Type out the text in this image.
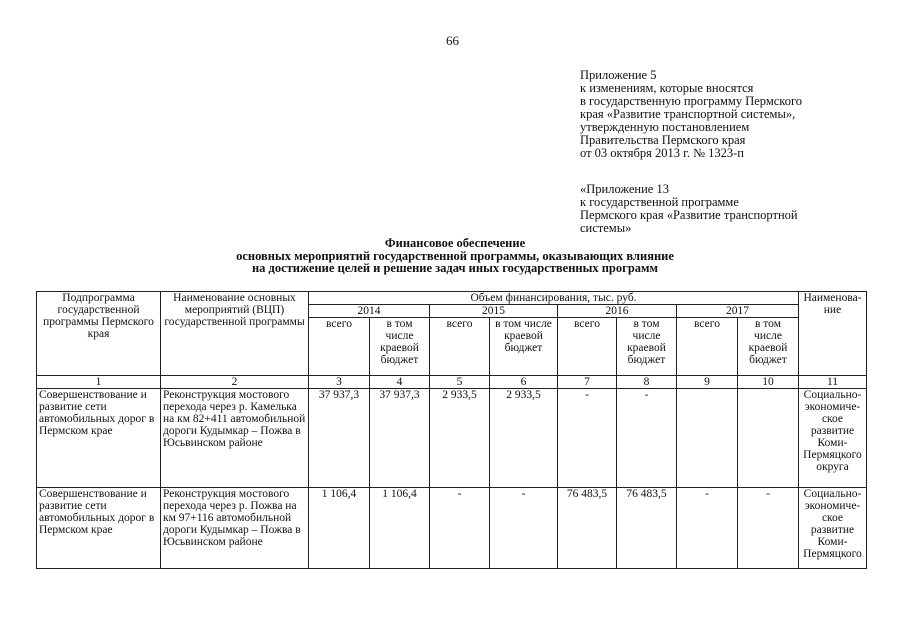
66
Приложение 5
к изменениям, которые вносятся
в государственную программу Пермского
края «Развитие транспортной системы»,
утвержденную постановлением
Правительства Пермского края
от 03 октября 2013 г. № 1323-п
«Приложение 13
к государственной программе
Пермского края «Развитие транспортной
системы»
Финансовое обеспечение
основных мероприятий государственной программы, оказывающих влияние
на достижение целей и решение задач иных государственных программ
Подпрограмма государственной программы Пермского края	Наименование основных мероприятий (ВЦП) государственной программы	Объем финансирования, тыс. руб.								Наименова-ние
		2014		2015		2016		2017		
		всего	в том числе краевой бюджет	всего	в том числе краевой бюджет	всего	в том числе краевой бюджет	всего	в том числе краевой бюджет	
1	2	3	4	5	6	7	8	9	10	11
Совершенствование и развитие сети автомобильных дорог в Пермском крае	Реконструкция мостового перехода через р. Камелька на км 82+411 автомобильной дороги Кудымкар – Пожва в Юсьвинском районе	37 937,3	37 937,3	2 933,5	2 933,5	-	-			Социально-экономиче-ское развитие Коми-Пермяцкого округа
Совершенствование и развитие сети автомобильных дорог в Пермском крае	Реконструкция мостового перехода через р. Пожва на км 97+116 автомобильной дороги Кудымкар – Пожва в Юсьвинском районе	1 106,4	1 106,4	-	-	76 483,5	76 483,5	-	-	Социально-экономиче-ское развитие Коми-Пермяцкого
